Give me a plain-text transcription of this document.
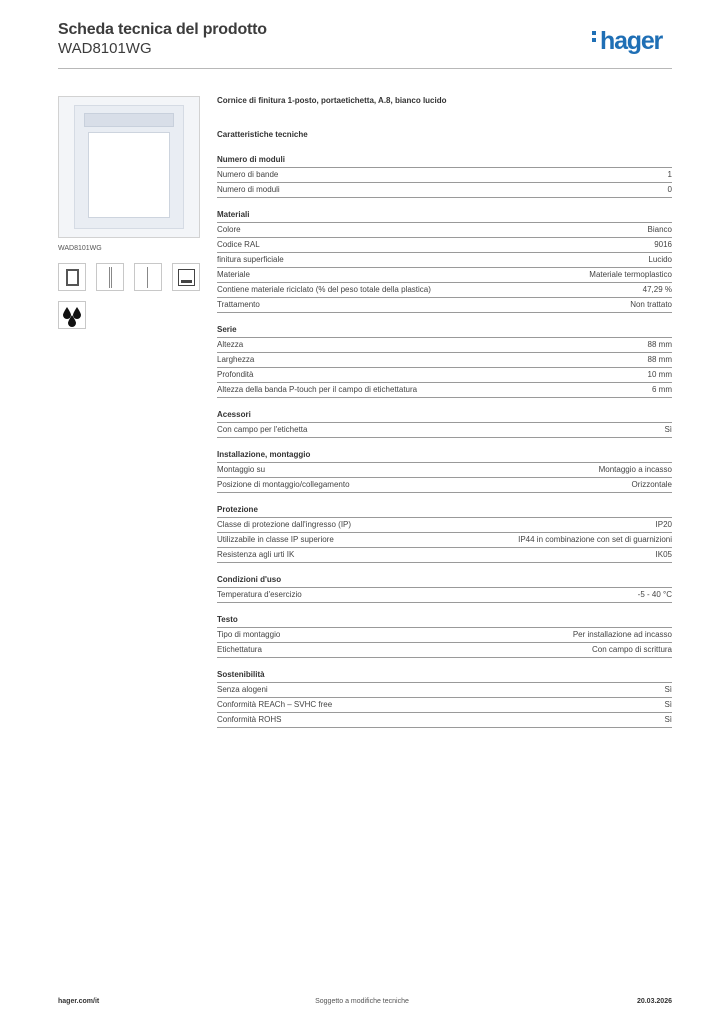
Scheda tecnica del prodotto
WAD8101WG	hager
WAD8101WG
Cornice di finitura 1-posto, portaetichetta, A.8, bianco lucido
Caratteristiche tecniche
Numero di moduli
Numero di bande	1
Numero di moduli	0
Materiali
Colore	Bianco
Codice RAL	9016
finitura superficiale	Lucido
Materiale	Materiale termoplastico
Contiene materiale riciclato (% del peso totale della plastica)	47,29 %
Trattamento	Non trattato
Serie
Altezza	88 mm
Larghezza	88 mm
Profondità	10 mm
Altezza della banda P-touch per il campo di etichettatura	6 mm
Acessori
Con campo per l'etichetta	Sì
Installazione, montaggio
Montaggio su	Montaggio a incasso
Posizione di montaggio/collegamento	Orizzontale
Protezione
Classe di protezione dall'ingresso (IP)	IP20
Utilizzabile in classe IP superiore	IP44 in combinazione con set di guarnizioni
Resistenza agli urti IK	IK05
Condizioni d'uso
Temperatura d'esercizio	-5 - 40 °C
Testo
Tipo di montaggio	Per installazione ad incasso
Etichettatura	Con campo di scrittura
Sostenibilità
Senza alogeni	Sì
Conformità REACh – SVHC free	Sì
Conformità ROHS	Sì
hager.com/it	Soggetto a modifiche tecniche	20.03.2026
